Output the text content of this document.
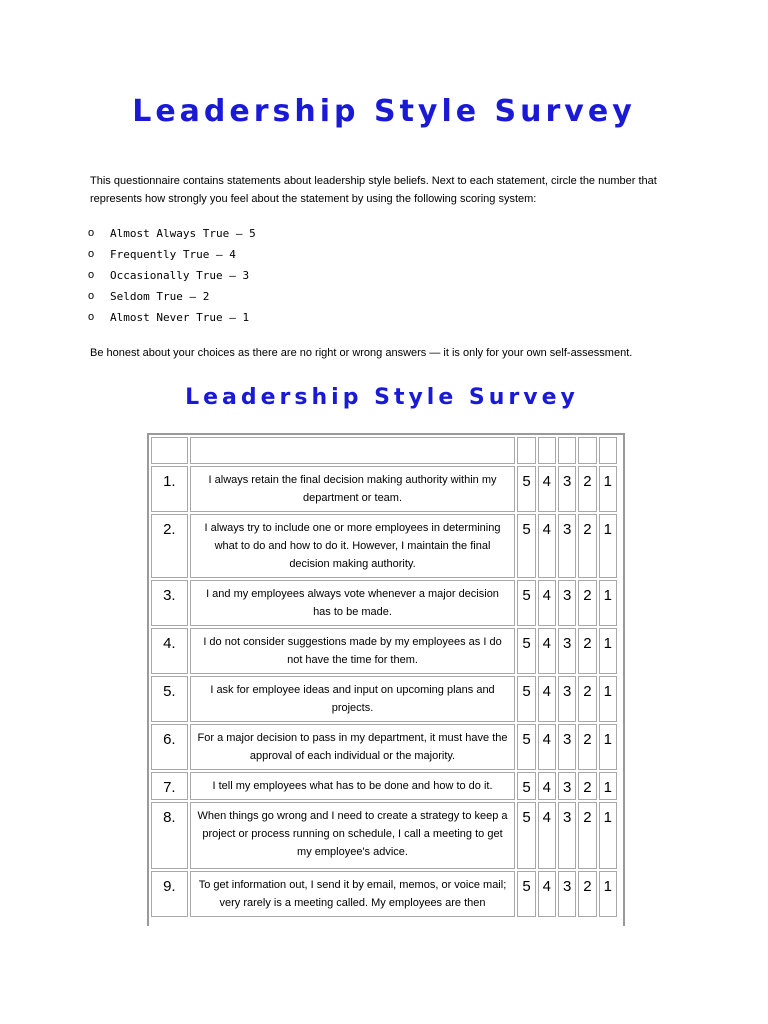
Leadership Style Survey

This questionnaire contains statements about leadership style beliefs. Next to each statement, circle the number that represents how strongly you feel about the statement by using the following scoring system:

o	Almost Always True — 5
o	Frequently True — 4
o	Occasionally True — 3
o	Seldom True — 2
o	Almost Never True — 1

Be honest about your choices as there are no right or wrong answers — it is only for your own self-assessment.

Leadership Style Survey

1.	I always retain the final decision making authority within my department or team.	5	4	3	2	1
2.	I always try to include one or more employees in determining what to do and how to do it. However, I maintain the final decision making authority.	5	4	3	2	1
3.	I and my employees always vote whenever a major decision has to be made.	5	4	3	2	1
4.	I do not consider suggestions made by my employees as I do not have the time for them.	5	4	3	2	1
5.	I ask for employee ideas and input on upcoming plans and projects.	5	4	3	2	1
6.	For a major decision to pass in my department, it must have the approval of each individual or the majority.	5	4	3	2	1
7.	I tell my employees what has to be done and how to do it.	5	4	3	2	1
8.	When things go wrong and I need to create a strategy to keep a project or process running on schedule, I call a meeting to get my employee's advice.	5	4	3	2	1
9.	To get information out, I send it by email, memos, or voice mail; very rarely is a meeting called. My employees are then	5	4	3	2	1
